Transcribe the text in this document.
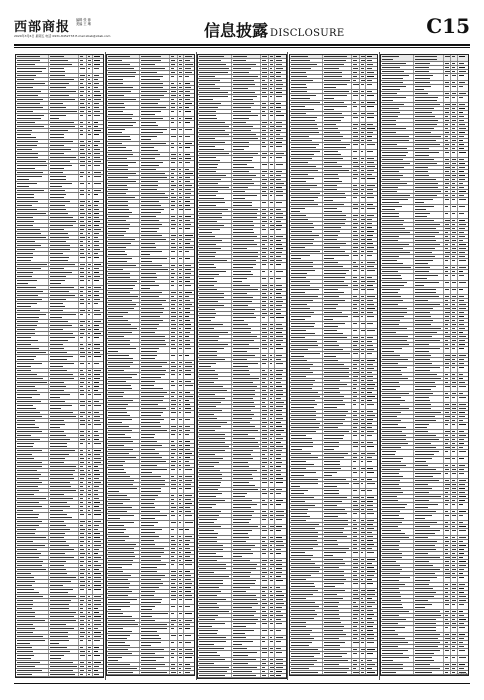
西部商报 编辑 张 蓉
美编 王 琳
2020年3月6日 星期五 电话 0931-8452733 E-mail:xbsb@xbsb.com	信息披露 DISCLOSURE	C15
（下转C16）
